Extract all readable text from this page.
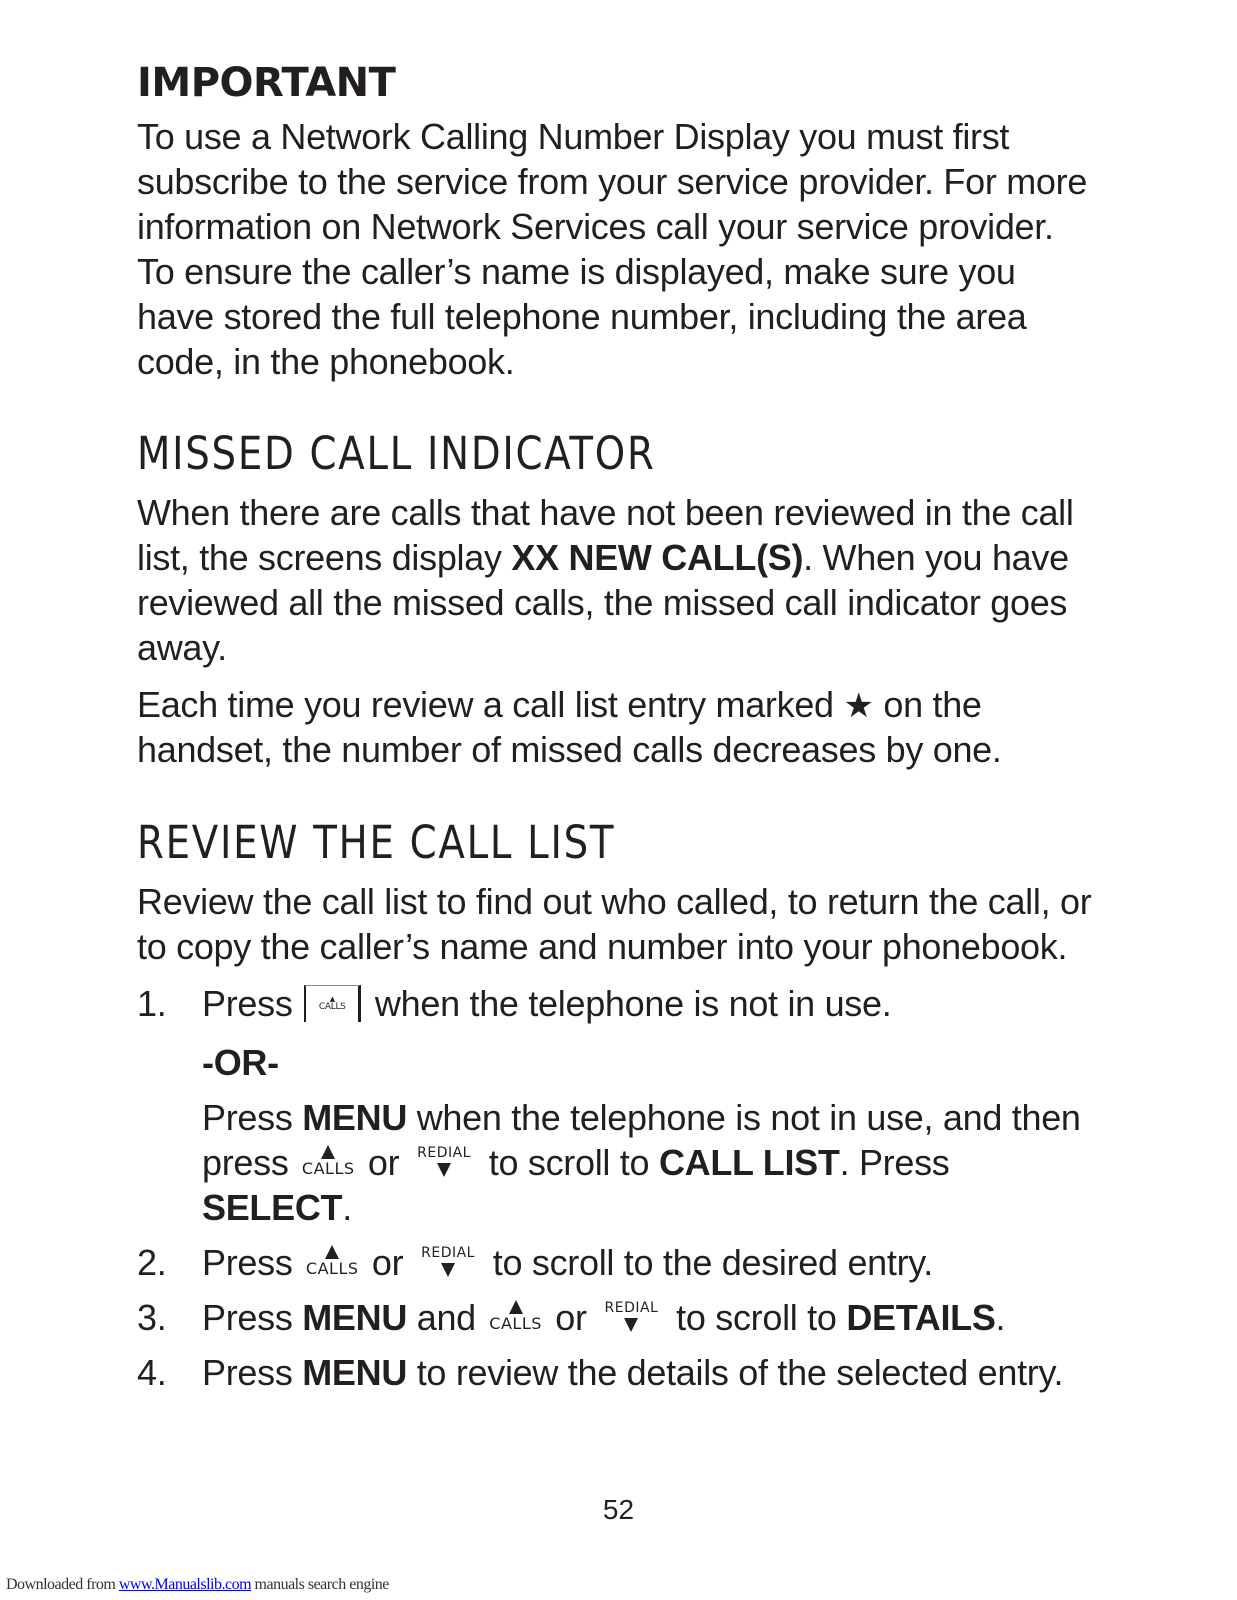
IMPORTANT

To use a Network Calling Number Display you must first subscribe to the service from your service provider. For more information on Network Services call your service provider. To ensure the caller’s name is displayed, make sure you have stored the full telephone number, including the area code, in the phonebook.

MISSED CALL INDICATOR

When there are calls that have not been reviewed in the call list, the screens display XX NEW CALL(S). When you have reviewed all the missed calls, the missed call indicator goes away.

Each time you review a call list entry marked ★ on the handset, the number of missed calls decreases by one.

REVIEW THE CALL LIST

Review the call list to find out who called, to return the call, or to copy the caller’s name and number into your phonebook.

1. Press	▲
CALLS when the telephone is not in use.
-OR-
Press MENU when the telephone is not in use, and then press CALLS or REDIAL to scroll to CALL LIST. Press SELECT.
2. Press CALLS or REDIAL to scroll to the desired entry.
3. Press MENU and CALLS or REDIAL to scroll to DETAILS.
4. Press MENU to review the details of the selected entry.
52
Downloaded from www.Manualslib.com manuals search engine
